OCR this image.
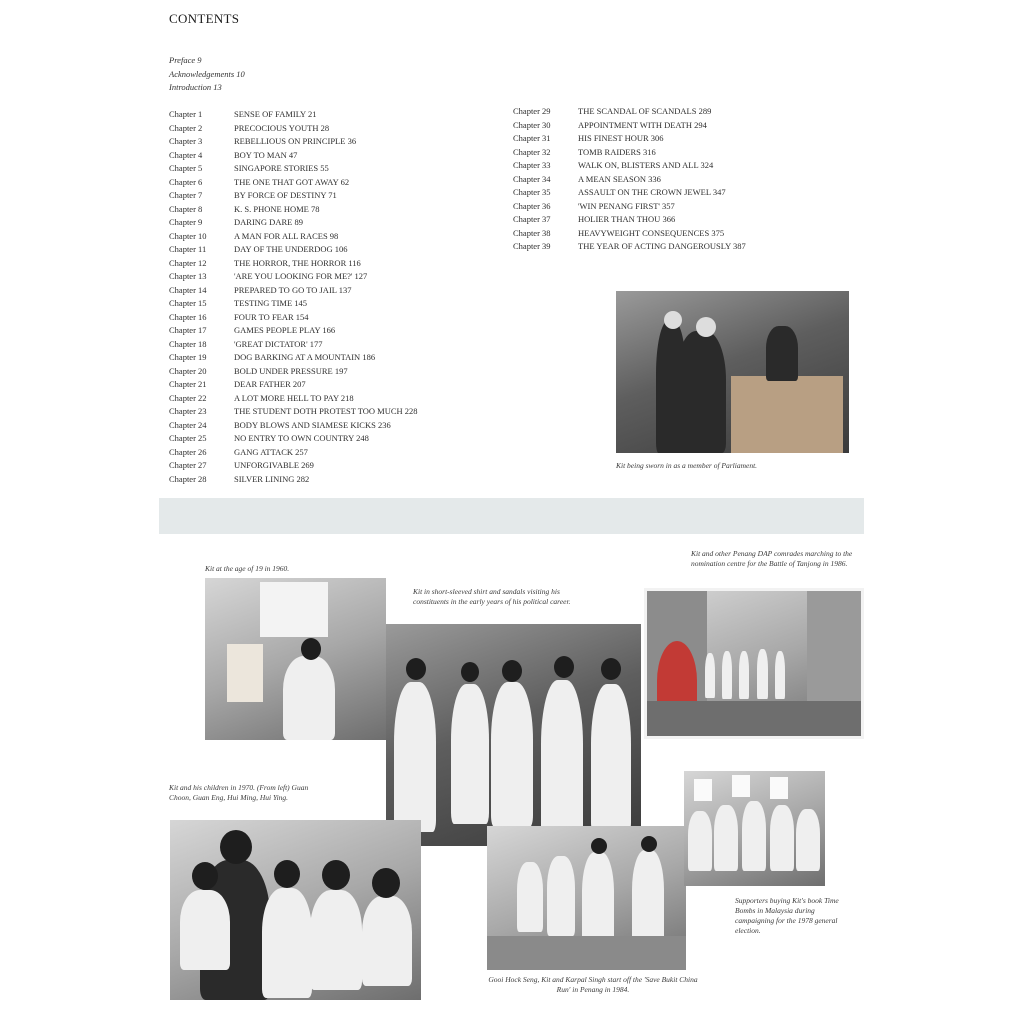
CONTENTS
Preface 9
Acknowledgements 10
Introduction 13
Chapter 1	SENSE OF FAMILY 21
Chapter 2	PRECOCIOUS YOUTH 28
Chapter 3	REBELLIOUS ON PRINCIPLE 36
Chapter 4	BOY TO MAN 47
Chapter 5	SINGAPORE STORIES 55
Chapter 6	THE ONE THAT GOT AWAY 62
Chapter 7	BY FORCE OF DESTINY 71
Chapter 8	K. S. PHONE HOME 78
Chapter 9	DARING DARE 89
Chapter 10	A MAN FOR ALL RACES 98
Chapter 11	DAY OF THE UNDERDOG 106
Chapter 12	THE HORROR, THE HORROR 116
Chapter 13	'ARE YOU LOOKING FOR ME?' 127
Chapter 14	PREPARED TO GO TO JAIL 137
Chapter 15	TESTING TIME 145
Chapter 16	FOUR TO FEAR 154
Chapter 17	GAMES PEOPLE PLAY 166
Chapter 18	'GREAT DICTATOR' 177
Chapter 19	DOG BARKING AT A MOUNTAIN 186
Chapter 20	BOLD UNDER PRESSURE 197
Chapter 21	DEAR FATHER 207
Chapter 22	A LOT MORE HELL TO PAY 218
Chapter 23	THE STUDENT DOTH PROTEST TOO MUCH 228
Chapter 24	BODY BLOWS AND SIAMESE KICKS 236
Chapter 25	NO ENTRY TO OWN COUNTRY 248
Chapter 26	GANG ATTACK 257
Chapter 27	UNFORGIVABLE 269
Chapter 28	SILVER LINING 282
Chapter 29	THE SCANDAL OF SCANDALS 289
Chapter 30	APPOINTMENT WITH DEATH 294
Chapter 31	HIS FINEST HOUR 306
Chapter 32	TOMB RAIDERS 316
Chapter 33	WALK ON, BLISTERS AND ALL 324
Chapter 34	A MEAN SEASON 336
Chapter 35	ASSAULT ON THE CROWN JEWEL 347
Chapter 36	'WIN PENANG FIRST' 357
Chapter 37	HOLIER THAN THOU 366
Chapter 38	HEAVYWEIGHT CONSEQUENCES 375
Chapter 39	THE YEAR OF ACTING DANGEROUSLY 387
Kit being sworn in as a member of Parliament.
Kit at the age of 19 in 1960.
Kit in short-sleeved shirt and sandals visiting his constituents in the early years of his political career.
Kit and other Penang DAP comrades marching to the nomination centre for the Battle of Tanjong in 1986.
Kit and his children in 1970. (From left) Guan Choon, Guan Eng, Hui Ming, Hui Ying.
Gooi Hock Seng, Kit and Karpal Singh start off the 'Save Bukit China Run' in Penang in 1984.
Supporters buying Kit's book Time Bombs in Malaysia during campaigning for the 1978 general election.
